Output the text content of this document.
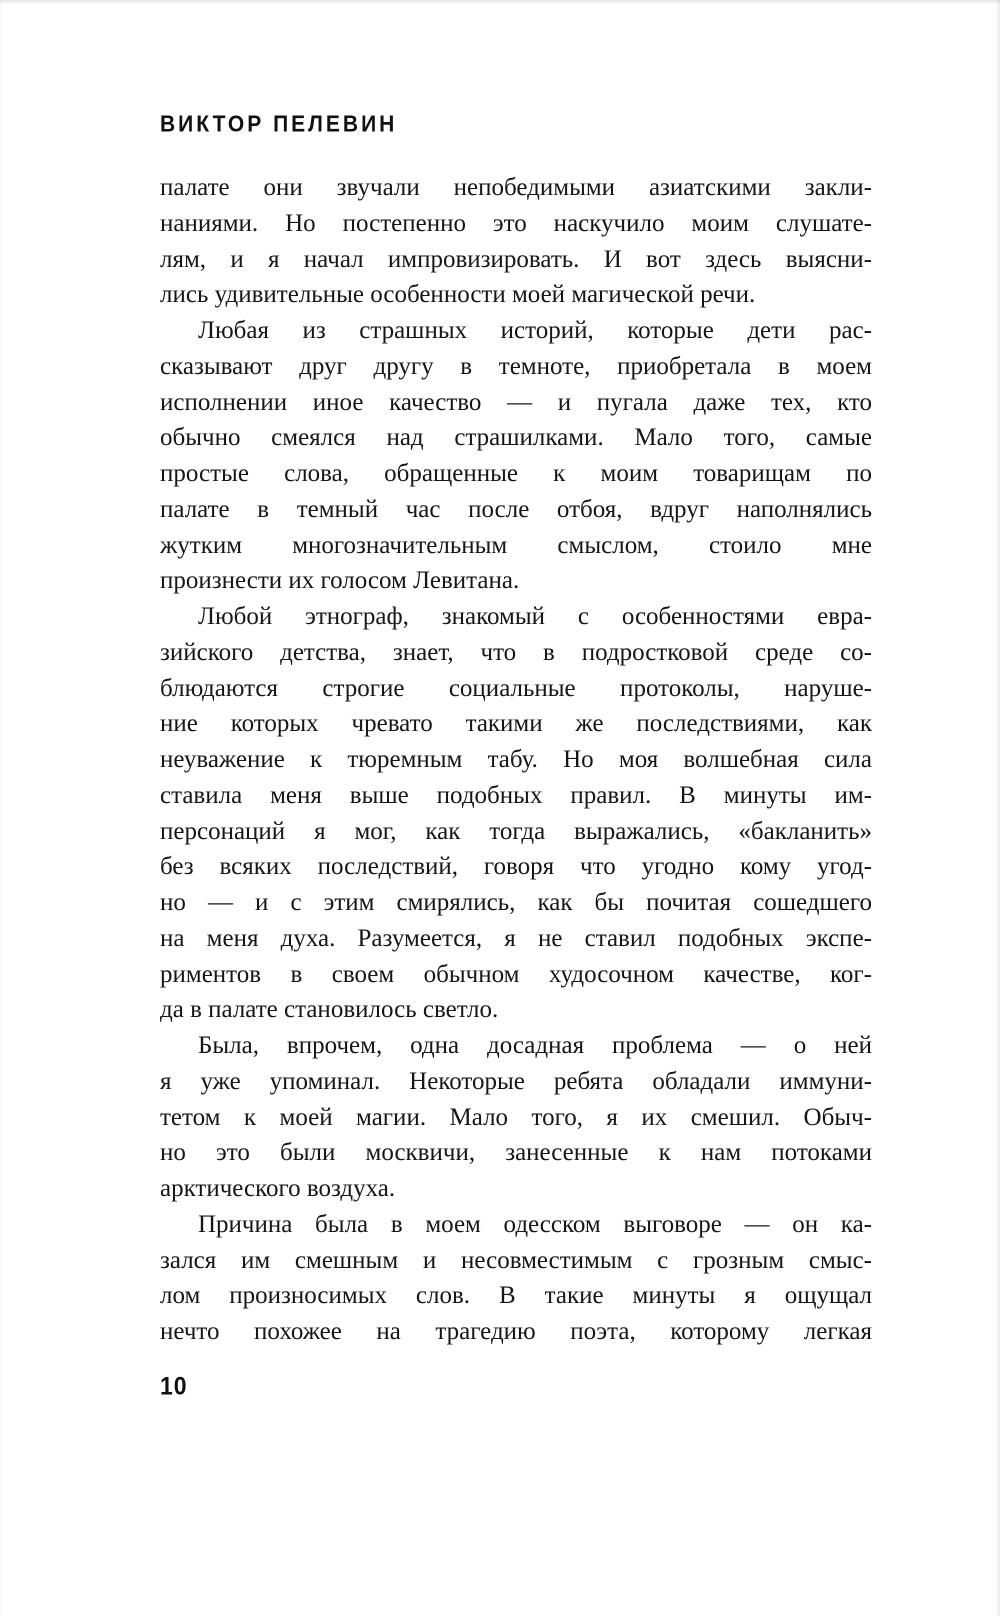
ВИКТОР ПЕЛЕВИН
палате они звучали непобедимыми азиатскими закли-
наниями. Но постепенно это наскучило моим слушате-
лям, и я начал импровизировать. И вот здесь выясни-
лись удивительные особенности моей магической речи.
Любая из страшных историй, которые дети рас-
сказывают друг другу в темноте, приобретала в моем
исполнении иное качество — и пугала даже тех, кто
обычно смеялся над страшилками. Мало того, самые
простые слова, обращенные к моим товарищам по
палате в темный час после отбоя, вдруг наполнялись
жутким многозначительным смыслом, стоило мне
произнести их голосом Левитана.
Любой этнограф, знакомый с особенностями евра-
зийского детства, знает, что в подростковой среде со-
блюдаются строгие социальные протоколы, наруше-
ние которых чревато такими же последствиями, как
неуважение к тюремным табу. Но моя волшебная сила
ставила меня выше подобных правил. В минуты им-
персонаций я мог, как тогда выражались, «бакланить»
без всяких последствий, говоря что угодно кому угод-
но — и с этим смирялись, как бы почитая сошедшего
на меня духа. Разумеется, я не ставил подобных экспе-
риментов в своем обычном худосочном качестве, ког-
да в палате становилось светло.
Была, впрочем, одна досадная проблема — о ней
я уже упоминал. Некоторые ребята обладали иммуни-
тетом к моей магии. Мало того, я их смешил. Обыч-
но это были москвичи, занесенные к нам потоками
арктического воздуха.
Причина была в моем одесском выговоре — он ка-
зался им смешным и несовместимым с грозным смыс-
лом произносимых слов. В такие минуты я ощущал
нечто похожее на трагедию поэта, которому легкая
10
